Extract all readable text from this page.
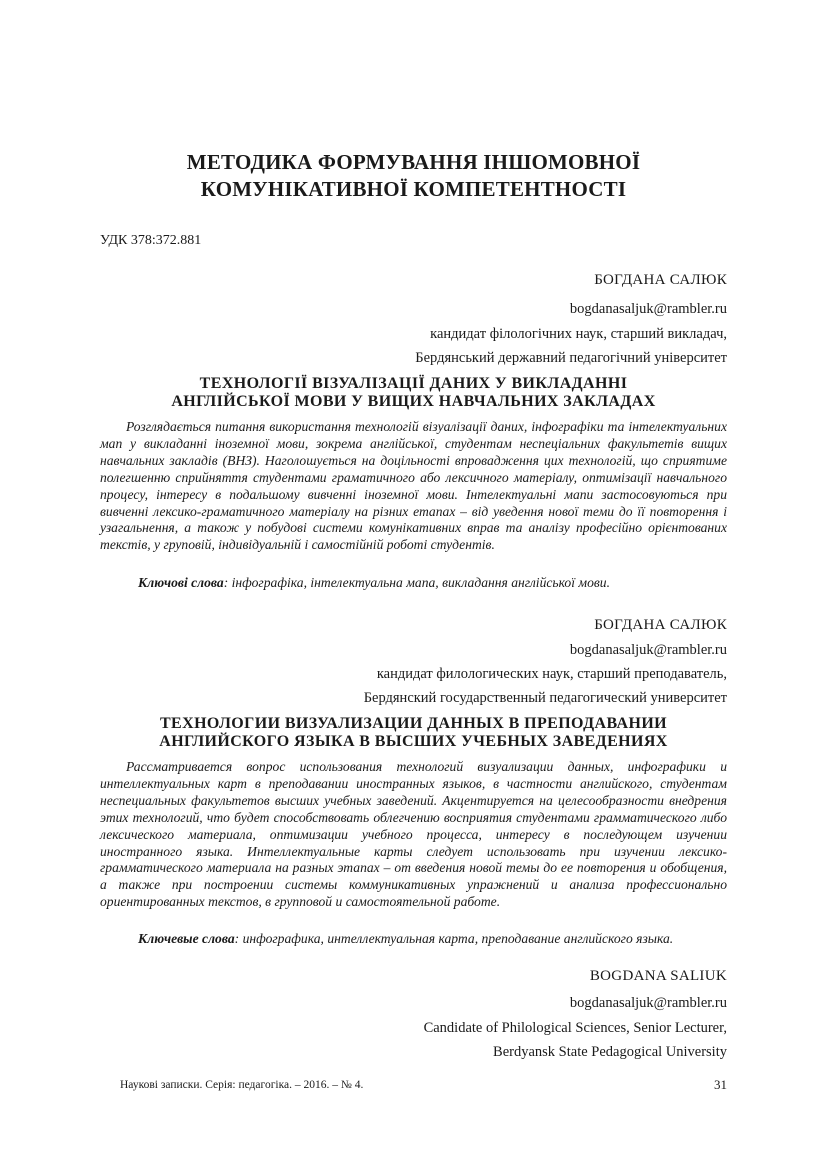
МЕТОДИКА ФОРМУВАННЯ ІНШОМОВНОЇ
КОМУНІКАТИВНОЇ КОМПЕТЕНТНОСТІ
УДК 378:372.881
БОГДАНА САЛЮК
bogdanasaljuk@rambler.ru
кандидат філологічних наук, старший викладач,
Бердянський державний педагогічний університет
ТЕХНОЛОГІЇ ВІЗУАЛІЗАЦІЇ ДАНИХ У ВИКЛАДАННІ
АНГЛІЙСЬКОЇ МОВИ У ВИЩИХ НАВЧАЛЬНИХ ЗАКЛАДАХ
Розглядається питання використання технологій візуалізації даних, інфографіки та інтелектуальних мап у викладанні іноземної мови, зокрема англійської, студентам неспеціальних факультетів вищих навчальних закладів (ВНЗ). Наголошується на доцільності впровадження цих технологій, що сприятиме полегшенню сприйняття студентами граматичного або лексичного матеріалу, оптимізації навчального процесу, інтересу в подальшому вивченні іноземної мови. Інтелектуальні мапи застосовуються при вивченні лексико-граматичного матеріалу на різних етапах – від уведення нової теми до її повторення і узагальнення, а також у побудові системи комунікативних вправ та аналізу професійно орієнтованих текстів, у груповій, індивідуальній і самостійній роботі студентів.
Ключові слова: інфографіка, інтелектуальна мапа, викладання англійської мови.
БОГДАНА САЛЮК
bogdanasaljuk@rambler.ru
кандидат филологических наук, старший преподаватель,
Бердянский государственный педагогический университет
ТЕХНОЛОГИИ ВИЗУАЛИЗАЦИИ ДАННЫХ В ПРЕПОДАВАНИИ
АНГЛИЙСКОГО ЯЗЫКА В ВЫСШИХ УЧЕБНЫХ ЗАВЕДЕНИЯХ
Рассматривается вопрос использования технологий визуализации данных, инфографики и интеллектуальных карт в преподавании иностранных языков, в частности английского, студентам неспециальных факультетов высших учебных заведений. Акцентируется на целесообразности внедрения этих технологий, что будет способствовать облегчению восприятия студентами грамматического либо лексического материала, оптимизации учебного процесса, интересу в последующем изучении иностранного языка. Интеллектуальные карты следует использовать при изучении лексико-грамматического материала на разных этапах – от введения новой темы до ее повторения и обобщения, а также при построении системы коммуникативных упражнений и анализа профессионально ориентированных текстов, в групповой и самостоятельной работе.
Ключевые слова: инфографика, интеллектуальная карта, преподавание английского языка.
BOGDANA SALIUK
bogdanasaljuk@rambler.ru
Candidate of Philological Sciences, Senior Lecturer,
Berdyansk State Pedagogical University
Наукові записки. Серія: педагогіка. – 2016. – № 4.	31
